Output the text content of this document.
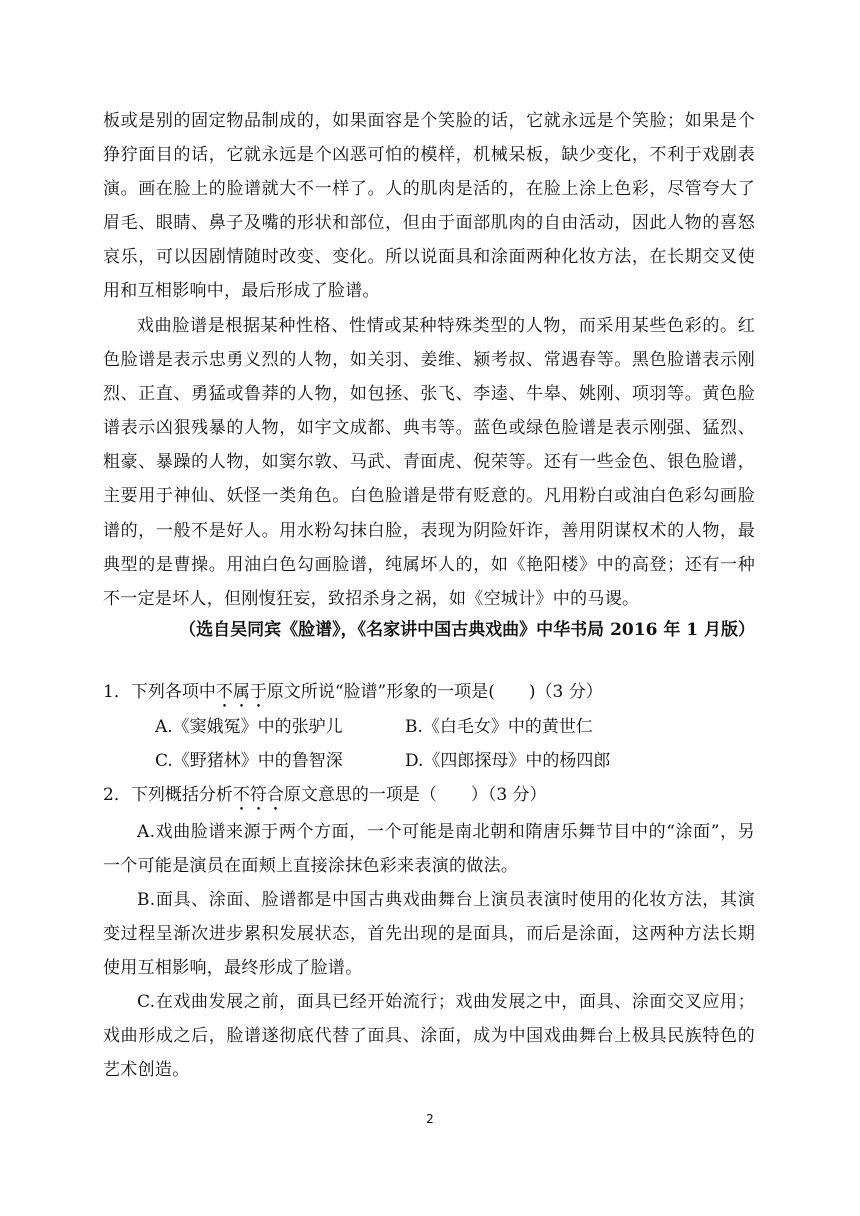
板或是别的固定物品制成的，如果面容是个笑脸的话，它就永远是个笑脸；如果是个狰狞面目的话，它就永远是个凶恶可怕的模样，机械呆板，缺少变化，不利于戏剧表演。画在脸上的脸谱就大不一样了。人的肌肉是活的，在脸上涂上色彩，尽管夸大了眉毛、眼睛、鼻子及嘴的形状和部位，但由于面部肌肉的自由活动，因此人物的喜怒哀乐，可以因剧情随时改变、变化。所以说面具和涂面两种化妆方法，在长期交叉使用和互相影响中，最后形成了脸谱。

戏曲脸谱是根据某种性格、性情或某种特殊类型的人物，而采用某些色彩的。红色脸谱是表示忠勇义烈的人物，如关羽、姜维、颍考叔、常遇春等。黑色脸谱表示刚烈、正直、勇猛或鲁莽的人物，如包拯、张飞、李逵、牛皋、姚刚、项羽等。黄色脸谱表示凶狠残暴的人物，如宇文成都、典韦等。蓝色或绿色脸谱是表示刚强、猛烈、粗豪、暴躁的人物，如窦尔敦、马武、青面虎、倪荣等。还有一些金色、银色脸谱，主要用于神仙、妖怪一类角色。白色脸谱是带有贬意的。凡用粉白或油白色彩勾画脸谱的，一般不是好人。用水粉勾抹白脸，表现为阴险奸诈，善用阴谋权术的人物，最典型的是曹操。用油白色勾画脸谱，纯属坏人的，如《艳阳楼》中的高登；还有一种不一定是坏人，但刚愎狂妄，致招杀身之祸，如《空城计》中的马谡。

（选自吴同宾《脸谱》，《名家讲中国古典戏曲》中华书局 2016 年 1 月版）

1．下列各项中不属于原文所说“脸谱”形象的一项是(　　)（3 分）

A.《窦娥冤》中的张驴儿	B.《白毛女》中的黄世仁

C.《野猪林》中的鲁智深	D.《四郎探母》中的杨四郎

2．下列概括分析不符合原文意思的一项是（　　）（3 分）

A.戏曲脸谱来源于两个方面，一个可能是南北朝和隋唐乐舞节目中的“涂面”，另一个可能是演员在面颊上直接涂抹色彩来表演的做法。

B.面具、涂面、脸谱都是中国古典戏曲舞台上演员表演时使用的化妆方法，其演变过程呈渐次进步累积发展状态，首先出现的是面具，而后是涂面，这两种方法长期使用互相影响，最终形成了脸谱。

C.在戏曲发展之前，面具已经开始流行；戏曲发展之中，面具、涂面交叉应用；戏曲形成之后，脸谱遂彻底代替了面具、涂面，成为中国戏曲舞台上极具民族特色的艺术创造。

2
